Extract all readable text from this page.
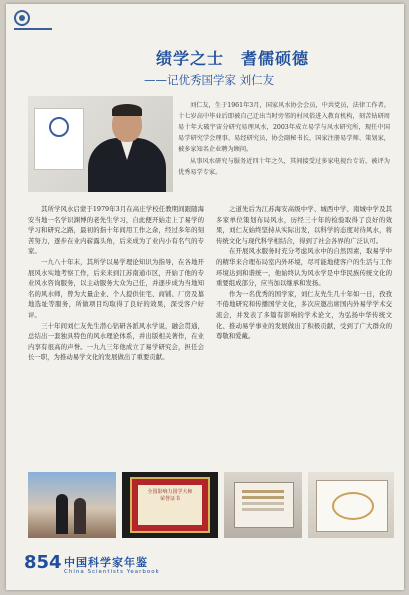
绩学之士　耆儒硕德
——记优秀国学家 刘仁友

刘仁友，生于1961年3月，国家风水协会会员，中共党员，法律工作者。十七岁高中毕业后即被自己迁出当时旁邻的村风俗进入教育机构，刻苦钻研周易十年大破宇宙分研究易理风水，2003年成立易学与风水研究所，现任中国易学研究学会理事、易经研究员，协会副秘书长，国家注册易学师、策划家，被多家知名企业聘为顾问。

从事风水研究与服务近四十年之久，其间接受过多家电视台专访，被评为优秀易学专家。

其所学风水启蒙于1979年3月在高庄学校任教期间跟随海安当地一名学识渊博的老先生学习，自此便开始走上了易学的学习和研究之路，最初的指十年间用工作之余，经过多年的刻苦努力，逐步在业内崭露头角，后来成为了业内小有名气的专家。

一九八十年末，其所学以易学理论知识为指导，在各地开展风水实地考察工作，后来来到江苏南通市区，开始了他的专业风水咨询服务，以主动服务大众为己任，并逐步成为当地知名的风水师，曾为大量企业、个人提供住宅、商铺、厂房及墓地选址等服务，所做项目均取得了良好的效果，深受客户好评。

三十年间刘仁友先生潜心钻研各派风水学说，融会贯通，总结出一套独具特色的风水理论体系，并出版相关著作，在业内享有很高的声誉。一九九三年他成立了易学研究会，担任会长一职，为推动易学文化的发展做出了重要贡献。

之道先后为江苏海安高级中学、城西中学、南城中学及其多家单位策划布局风水，历经三十年的检验取得了良好的效果，刘仁友始终坚持从实际出发，以科学的态度对待风水，将传统文化与现代科学相结合，得到了社会各界的广泛认可。

在开展风水服务时充分考虑风水中的自然因素，取易学中的精华来合理布局室内外环境，尽可能地使客户的生活与工作环境达到和谐统一，他始终认为风水学是中华民族传统文化的重要组成部分，应当加以继承和发扬。

作为一名优秀的国学家，刘仁友先生几十年如一日，孜孜不倦地研究和传播国学文化，多次应邀出席国内外易学学术交流会，并发表了多篇有影响的学术论文，为弘扬中华传统文化、推动易学事业的发展做出了积极贡献，受到了广大群众的尊敬和爱戴。

全国影响力国学大师
荣誉证书
854 中国科学家年鉴
China Scientists Yearbook
